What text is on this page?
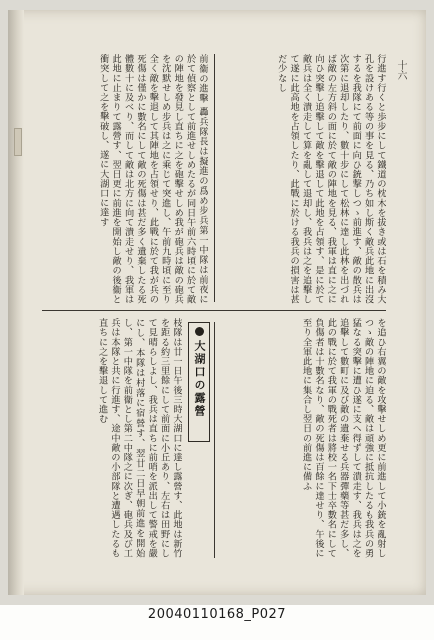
十六
行進す行くと歩步にして鐵道の枕木を拔き或は石を積み大孔を設けある等の事を見る、乃ち如し斯く敵兵此地に出沒するを我隊にて前面に向ひ銃撃しつゝ前進す、敵の散兵は次第に退却したり、數十步にして松林に達し此林を出づれば敵の左方斜の面に於て敵の陣地を見る、我軍は直に之に向ひ突擊し追擊して敵を擊退して此地を占領す、是に於て敵兵は全く潰走して算を亂して退却し、我兵は之を追擊して遂に此高地を占領したり、此戰に於ける我兵の損害は甚だ少なし
前衞の進擊 轟兵隊長は擬進の爲め步兵第一中隊は前夜に於て偵察として前進せしめたるが同日午前六時頃に於て敵の陣地を發見し直ちに之を砲擊せしめ我が砲兵は敵の砲兵を沈默せしめ步兵は之に乘じて突進し、午前九時頃に至り全く敵を擊退して其陣地を占領せり、此戰に於て我が兵の死傷は僅かに數名にして敵の死傷は甚だ多く遺棄したる死體數十に及べり、而して敵は北方に向て潰走せり、我軍は此地に止まりて露營す、翌日更に前進を開始し敵の後衞と衝突して之を擊破し、遂に大湖口に達す
を追ひ右翼の敵を攻擊せしめ更に前進して小銃を亂射しつゝ敵の陣地に迫る、敵は頑強に抵抗したるも我兵の勇猛なる突擊に遭ひ遂に支へ得ずして潰走す、我兵は之を追擊して數町に及び敵の遺棄せる兵器彈藥等甚だ多し、此の戰に於て我軍の戰死者は將校一名下士卒數名にして負傷者は十數名なり、敵の死傷は百餘に達せり、午後に至り全軍此地に集合し翌日の前進に備ふ
大湖口の露營
枝隊は廿一日午後三時大湖口に達し露營す、此地は新竹を距る約三里餘にして前面に小丘あり、左右は田野にして見晴らしよし、我兵は直ちに前哨を派出して警戒を嚴にし、本隊は村落に宿營す、翌廿二日早朝前進を開始し、第一中隊を前衞とし第二中隊之に次ぎ、砲兵及び工兵は本隊と共に行進す、途中敵の小部隊と遭遇したるも直ちに之を擊退して進む
20040110168_P027
